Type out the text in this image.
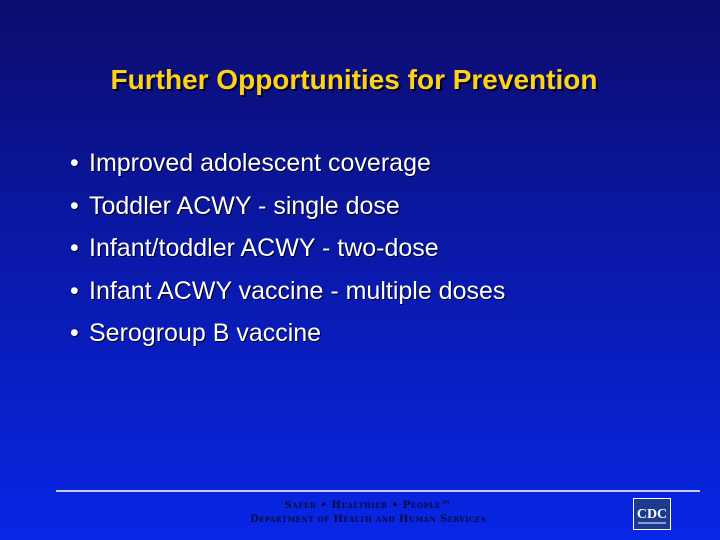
Further Opportunities for Prevention
• Improved adolescent coverage
• Toddler ACWY - single dose
• Infant/toddler ACWY - two-dose
• Infant ACWY vaccine - multiple doses
• Serogroup B vaccine
Safer • Healthier • People™
Department of Health and Human Services	CDC
